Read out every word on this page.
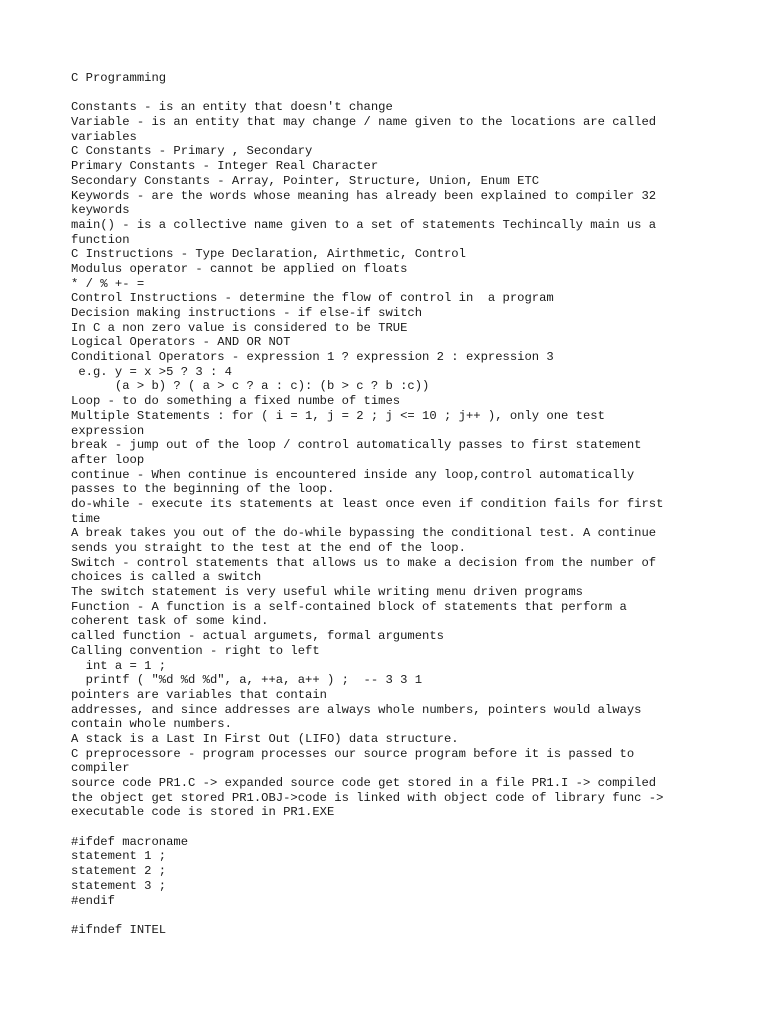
C Programming
Constants - is an entity that doesn't change
Variable - is an entity that may change / name given to the locations are called
variables
C Constants - Primary , Secondary
Primary Constants - Integer Real Character
Secondary Constants - Array, Pointer, Structure, Union, Enum ETC
Keywords - are the words whose meaning has already been explained to compiler 32
keywords
main() - is a collective name given to a set of statements Techincally main us a
function
C Instructions - Type Declaration, Airthmetic, Control
Modulus operator - cannot be applied on floats
* / % +- =
Control Instructions - determine the flow of control in  a program
Decision making instructions - if else-if switch
In C a non zero value is considered to be TRUE
Logical Operators - AND OR NOT
Conditional Operators - expression 1 ? expression 2 : expression 3
e.g. y = x >5 ? 3 : 4
(a > b) ? ( a > c ? a : c): (b > c ? b :c))
Loop - to do something a fixed numbe of times
Multiple Statements : for ( i = 1, j = 2 ; j <= 10 ; j++ ), only one test
expression
break - jump out of the loop / control automatically passes to first statement
after loop
continue - When continue is encountered inside any loop,control automatically
passes to the beginning of the loop.
do-while - execute its statements at least once even if condition fails for first
time
A break takes you out of the do-while bypassing the conditional test. A continue
sends you straight to the test at the end of the loop.
Switch - control statements that allows us to make a decision from the number of
choices is called a switch
The switch statement is very useful while writing menu driven programs
Function - A function is a self-contained block of statements that perform a
coherent task of some kind.
called function - actual argumets, formal arguments
Calling convention - right to left
int a = 1 ;
printf ( "%d %d %d", a, ++a, a++ ) ;  -- 3 3 1
pointers are variables that contain
addresses, and since addresses are always whole numbers, pointers would always
contain whole numbers.
A stack is a Last In First Out (LIFO) data structure.
C preprocessore - program processes our source program before it is passed to
compiler
source code PR1.C -> expanded source code get stored in a file PR1.I -> compiled
the object get stored PR1.OBJ->code is linked with object code of library func ->
executable code is stored in PR1.EXE
#ifdef macroname
statement 1 ;
statement 2 ;
statement 3 ;
#endif
#ifndef INTEL
